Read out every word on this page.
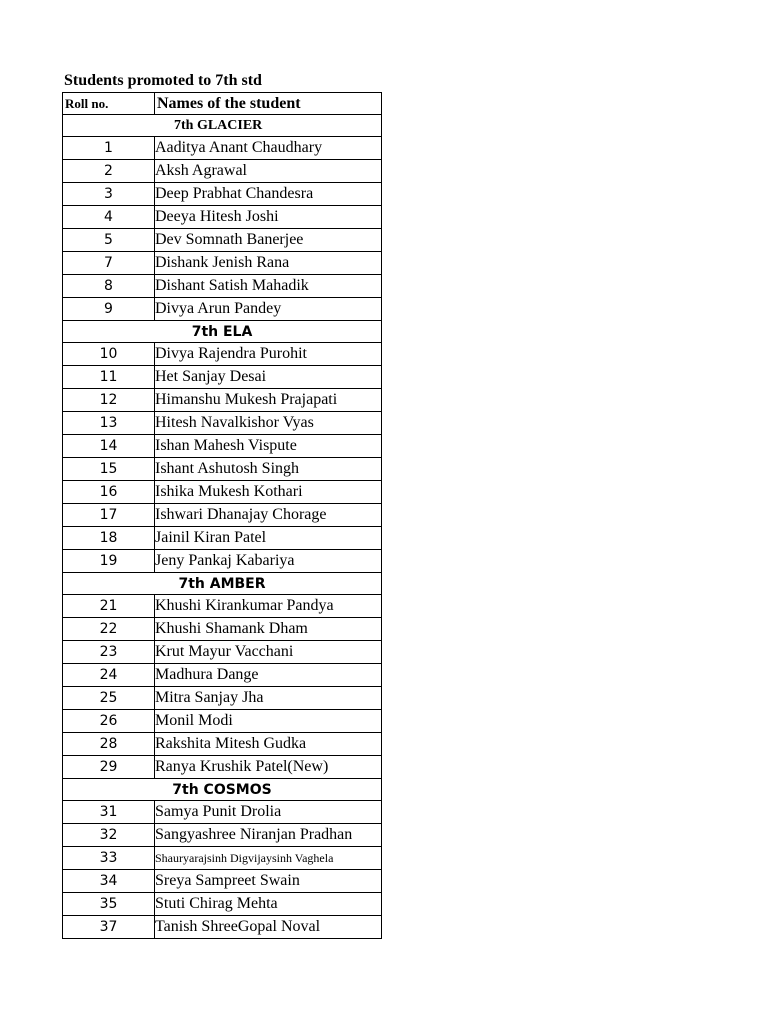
Students promoted to 7th std
Roll no.	Names of the student
7th GLACIER	
1	Aaditya Anant Chaudhary
2	Aksh Agrawal
3	Deep Prabhat Chandesra
4	Deeya Hitesh Joshi
5	Dev Somnath Banerjee
7	Dishank Jenish Rana
8	Dishant Satish Mahadik
9	Divya Arun Pandey
7th ELA	
10	Divya Rajendra Purohit
11	Het Sanjay Desai
12	Himanshu Mukesh Prajapati
13	Hitesh Navalkishor Vyas
14	Ishan Mahesh Vispute
15	Ishant Ashutosh Singh
16	Ishika Mukesh Kothari
17	Ishwari Dhanajay Chorage
18	Jainil Kiran Patel
19	Jeny Pankaj Kabariya
7th AMBER	
21	Khushi Kirankumar Pandya
22	Khushi Shamank Dham
23	Krut Mayur Vacchani
24	Madhura Dange
25	Mitra Sanjay Jha
26	Monil Modi
28	Rakshita Mitesh Gudka
29	Ranya Krushik Patel(New)
7th COSMOS	
31	Samya Punit Drolia
32	Sangyashree Niranjan Pradhan
33	Shauryarajsinh Digvijaysinh Vaghela
34	Sreya Sampreet Swain
35	Stuti Chirag Mehta
37	Tanish ShreeGopal Noval
